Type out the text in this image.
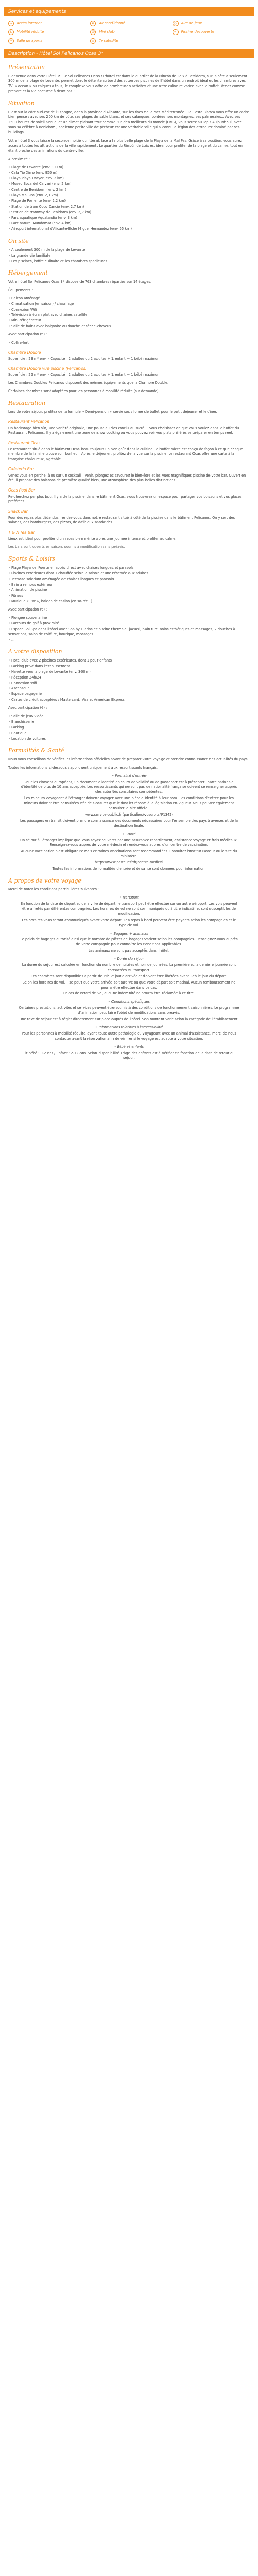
Services et equipements
⌁	Accès internet	❄	Air conditionné	◌	Aire de jeux
♿	Mobilité réduite	☺	Mini club	≈	Piscine découverte
⚲	Salle de sports	▭	Tv satellite
Description - Hôtel Sol Pelicanos Ocas 3*
Présentation

Bienvenue dans votre Hôtel 3* : le Sol Pelicanos Ocas ! L'hôtel est dans le quartier de la Rincón de Loix à Benidorm, sur la côte à seulement 300 m de la plage de Levante, permet donc le détente au bord des superbes piscines de l'hôtel dans un endroit idéal et les chambres avec TV, « ocean » ou calques à tous, le complexe vous offre de nombreuses activités et une offre culinaire variée avec le buffet. Venez comme prendre et la vie nocturne à deux pas !

Situation

C'est sur la côte sud-est de l'Espagne, dans la province d'Alicante, sur les rives de la mer Méditerranée ! La Costa Blanca vous offre un cadre bien pensé ; avec ses 200 km de côte, ses plages de sable blanc, et ses calanques, bordées, ses montagnes, ses palmeraies... Avec ses 2500 heures de soleil annuel et un climat plaisant tout comme l'un des meilleurs du monde (OMS), vous serez au Top ! Aujourd'hui, avec sous sa célèbre à Benidorm ; ancienne petite ville de pêcheur est une véritable ville qui a connu la légion des attraquer dominé par ses buildings.

Votre hôtel 3 vous laisse la seconde moitié du littéral, face à la plus belle plage de la Playa de la Mal Pas. Grâce à sa position, vous aurez accès à toutes les attractions de la ville rapidement. Le quartier du Rincón de Loix est idéal pour profiter de la plage et du calme, tout en étant proche des animations du centre-ville.

A proximité :

• Plage de Levante (env. 300 m)
• Cala Tio Ximo (env. 950 m)
• Playa Playa (Mayor, env. 2 km)
• Museo Boca del Calvari (env. 2 km)
• Centre de Benidorm (env. 2 km)
• Playa Mal Pas (env. 2,1 km)
• Plage de Poniente (env. 2,2 km)
• Station de tram Coco Cancio (env. 2,7 km)
• Station de tramway de Benidorm (env. 2,7 km)
• Parc aquatique Aqualandia (env. 3 km)
• Parc naturel Mundomar (env. 4 km)
• Aéroport international d'Alicante-Elche Miguel Hernández (env. 55 km)
On site
• A seulement 300 m de la plage de Levante
• La grande vie familiale
• Les piscines, l'offre culinaire et les chambres spacieuses
Hébergement

Votre hôtel Sol Pelicanos Ocas 3* dispose de 763 chambres réparties sur 14 étages.

Équipements :

• Balcon aménagé
• Climatisation (en saison) / chauffage
• Connexion Wifi
• Télévision à écran plat avec chaînes satellite
• Mini-réfrigérateur
• Salle de bains avec baignoire ou douche et sèche-cheveux

Avec participation (€) :

• Coffre-fort
Chambre Double

Superficie : 23 m² env. - Capacité : 2 adultes ou 2 adultes + 1 enfant + 1 bébé maximum

Chambre Double vue piscine (Pelicanos)

Superficie : 22 m² env. - Capacité : 2 adultes ou 2 adultes + 1 enfant + 1 bébé maximum

Les Chambres Doubles Pelicanos disposent des mêmes équipements que la Chambre Double.

Certaines chambres sont adaptées pour les personnes à mobilité réduite (sur demande).

Restauration

Lors de votre séjour, profitez de la formule « Demi-pension » servie sous forme de buffet pour le petit déjeuner et le dîner.

Restaurant Pelicanos

Un backstage bien sûr, Une variété originale, Une pause au dos conclu au sucré... Vous choisissez ce que vous voulez dans le buffet du Restaurant Pelicanos. Il y a également une zone de show cooking où vous pouvez voir vos plats préférés se préparer en temps réel.

Restaurant Ocas

Le restaurant situé dans le bâtiment Ocas beau toujours un bon goût dans la cuisine. Le buffet mixte est conçu de façon à ce que chaque membre de la famille trouve son bonheur. Après le déjeuner, profitez de la vue sur la piscine. Le restaurant Ocas offre une carte à la française chaleureux, agréable.

Cafeteria Bar

Venez vous en perche là ou sur un cocktail ! Venir, plongez et savourez le bien-être et les vues magnifiques piscine de votre bar. Ouvert en été, il propose des boissons de première qualité bien, une atmosphère des plus belles distinctions.

Ocas Pool Bar

Re-cherchez par plus bou. Il y a de la piscine, dans le bâtiment Ocas, vous trouverez un espace pour partager vos boissons et vos glaces préférées.

Snack Bar

Pour des repas plus détendus, rendez-vous dans notre restaurant situé à côté de la piscine dans le bâtiment Pelicanos. On y sert des salades, des hamburgers, des pizzas, de délicieux sandwichs.

T & A Tea Bar

Lieux est idéal pour profiter d'un repas bien mérité après une journée intense et profiter au calme.

Les bars sont ouverts en saison, soumis à modification sans préavis.

Sports & Loisirs
• Plage Playa del Fuerte en accès direct avec chaises longues et parasols
• Piscines extérieures dont 1 chauffée selon la saison et une réservée aux adultes
• Terrasse solarium aménagée de chaises longues et parasols
• Bain à remous extérieur
• Animation de piscine
• Fitness
• Musique « live », balcon de casino (en soirée...)

Avec participation (€) :

• Plongée sous-marine
• Parcours de golf à proximité
• Espace Sol Spa dans l'hôtel avec Spa by Clarins et piscine thermale, jacuzzi, bain turc, soins esthétiques et massages, 2 douches à sensations, salon de coiffure, boutique, massages
• ...
A votre disposition
• Hotel club avec 2 piscines extérieures, dont 1 pour enfants
• Parking privé dans l'établissement
• Navette vers la plage de Levante (env. 300 m)
• Réception 24h/24
• Connexion Wifi
• Ascenseur
• Espace bagagerie
• Cartes de crédit acceptées : Mastercard, Visa et American Express

Avec participation (€) :

• Salle de jeux vidéo
• Blanchisserie
• Parking
• Boutique
• Location de voitures
Formalités & Santé

Nous vous conseillons de vérifier les informations officielles avant de préparer votre voyage et prendre connaissance des actualités du pays.

Toutes les informations ci-dessous s'appliquent uniquement aux ressortissants français.

• Formalité d'entrée

Pour les citoyens européens, un document d'identité en cours de validité ou de passeport est à présenter : carte nationale d'identité de plus de 10 ans acceptée. Les ressortissants qui ne sont pas de nationalité française doivent se renseigner auprès des autorités consulaires compétentes.

Les mineurs voyageant à l'étranger doivent voyager avec une pièce d'identité à leur nom. Les conditions d'entrée pour les mineurs doivent être consultées afin de s'assurer que le dossier répond à la législation en vigueur. Vous pouvez également consulter le site officiel.

www.service-public.fr (particuliers/vosdroits/F1342)

Les passagers en transit doivent prendre connaissance des documents nécessaires pour l'ensemble des pays traversés et de la destination finale.

• Santé

Un séjour à l'étranger implique que vous soyez couverts par une assurance rapatriement, assistance voyage et frais médicaux. Renseignez-vous auprès de votre médecin et rendez-vous auprès d'un centre de vaccination.

Aucune vaccination n'est obligatoire mais certaines vaccinations sont recommandées. Consultez l'Institut Pasteur ou le site du ministère.

https://www.pasteur.fr/fr/centre-medical

Toutes les informations de formalités d'entrée et de santé sont données pour information.

A propos de votre voyage

Merci de noter les conditions particulières suivantes :

• Transport

En fonction de la date de départ et de la ville de départ, le transport peut être effectué sur un autre aéroport. Les vols peuvent être affrétés par différentes compagnies. Les horaires de vol ne sont communiqués qu'à titre indicatif et sont susceptibles de modification.

Les horaires vous seront communiqués avant votre départ. Les repas à bord peuvent être payants selon les compagnies et le type de vol.

• Bagages + animaux

Le poids de bagages autorisé ainsi que le nombre de pièces de bagages varient selon les compagnies. Renseignez-vous auprès de votre compagnie pour connaître les conditions applicables.

Les animaux ne sont pas acceptés dans l'hôtel.

• Durée du séjour

La durée du séjour est calculée en fonction du nombre de nuitées et non de journées. La première et la dernière journée sont consacrées au transport.

Les chambres sont disponibles à partir de 15h le jour d'arrivée et doivent être libérées avant 12h le jour du départ.

Selon les horaires de vol, il se peut que votre arrivée soit tardive ou que votre départ soit matinal. Aucun remboursement ne pourra être effectué dans ce cas.

En cas de retard de vol, aucune indemnité ne pourra être réclamée à ce titre.

• Conditions spécifiques

Certaines prestations, activités et services peuvent être soumis à des conditions de fonctionnement saisonnières. Le programme d'animation peut faire l'objet de modifications sans préavis.

Une taxe de séjour est à régler directement sur place auprès de l'hôtel. Son montant varie selon la catégorie de l'établissement.

• Informations relatives à l'accessibilité

Pour les personnes à mobilité réduite, ayant toute autre pathologie ou voyageant avec un animal d'assistance, merci de nous contacter avant la réservation afin de vérifier si le voyage est adapté à votre situation.

• Bébé et enfants

Lit bébé : 0-2 ans / Enfant : 2-12 ans. Selon disponibilité. L'âge des enfants est à vérifier en fonction de la date de retour du séjour.
